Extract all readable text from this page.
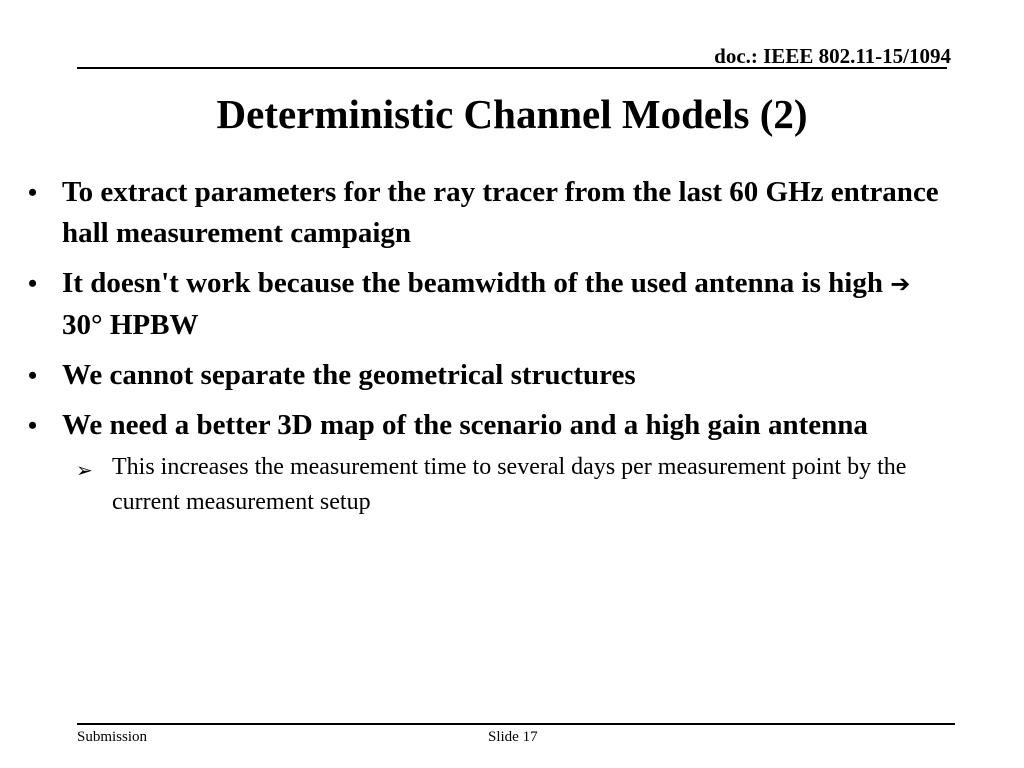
doc.: IEEE 802.11-15/1094
Deterministic Channel Models (2)
• To extract parameters for the ray tracer from the last 60 GHz entrance hall measurement campaign
• It doesn't work because the beamwidth of the used antenna is high ➔ 30° HPBW
• We cannot separate the geometrical structures
• We need a better 3D map of the scenario and a high gain antenna
➢ This increases the measurement time to several days per measurement point by the current measurement setup
Submission	Slide 17
